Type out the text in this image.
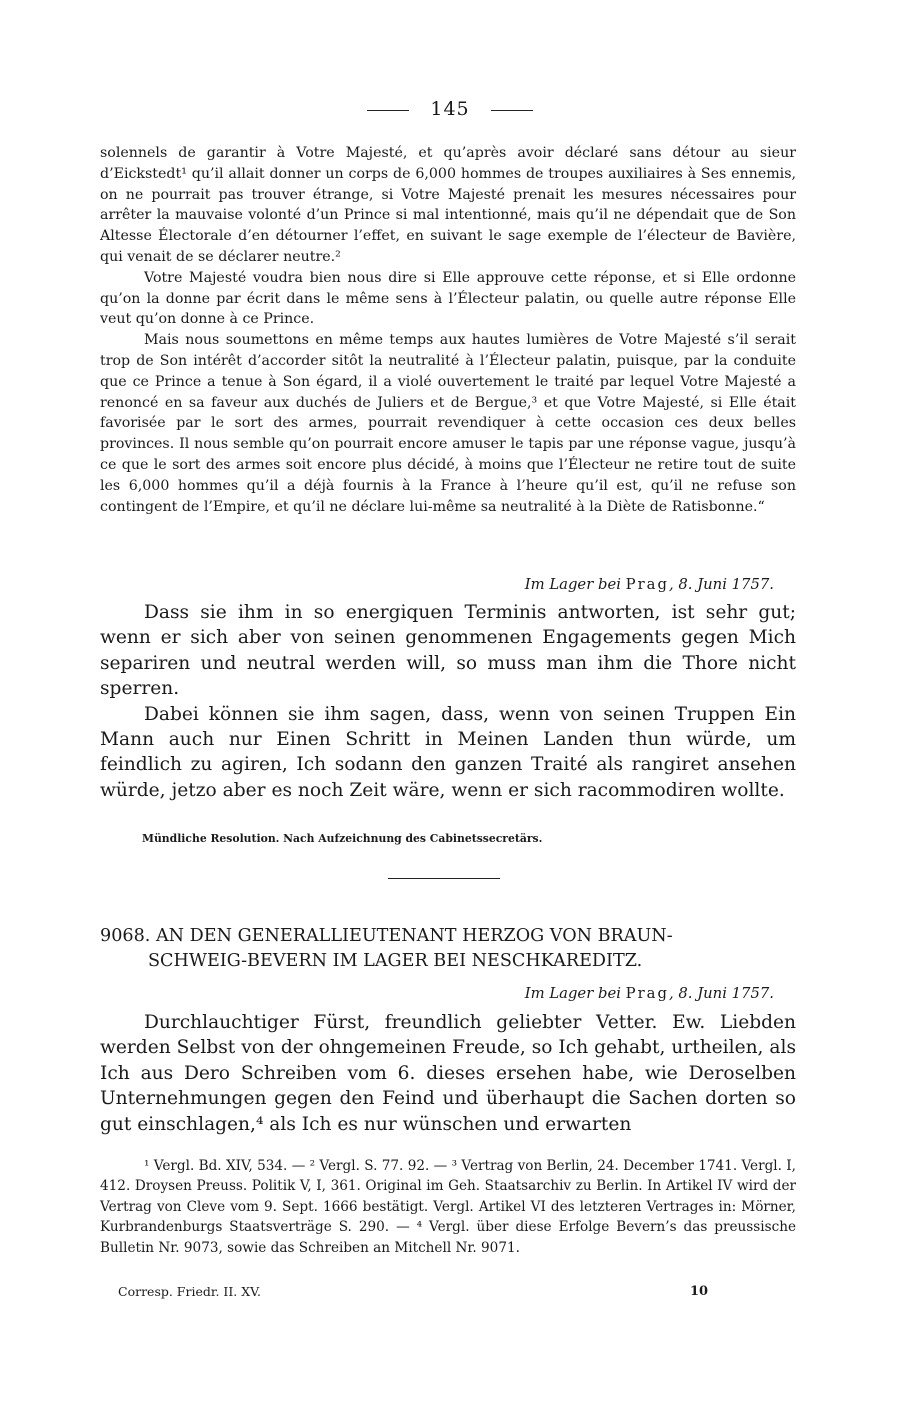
145

solennels de garantir à Votre Majesté, et qu’après avoir déclaré sans détour au sieur d’Eickstedt¹ qu’il allait donner un corps de 6,000 hommes de troupes auxiliaires à Ses ennemis, on ne pourrait pas trouver étrange, si Votre Majesté prenait les mesures nécessaires pour arrêter la mauvaise volonté d’un Prince si mal intentionné, mais qu’il ne dépendait que de Son Altesse Électorale d’en détourner l’effet, en suivant le sage exemple de l’électeur de Bavière, qui venait de se déclarer neutre.²

Votre Majesté voudra bien nous dire si Elle approuve cette réponse, et si Elle ordonne qu’on la donne par écrit dans le même sens à l’Électeur palatin, ou quelle autre réponse Elle veut qu’on donne à ce Prince.

Mais nous soumettons en même temps aux hautes lumières de Votre Majesté s’il serait trop de Son intérêt d’accorder sitôt la neutralité à l’Électeur palatin, puisque, par la conduite que ce Prince a tenue à Son égard, il a violé ouvertement le traité par lequel Votre Majesté a renoncé en sa faveur aux duchés de Juliers et de Bergue,³ et que Votre Majesté, si Elle était favorisée par le sort des armes, pourrait revendiquer à cette occasion ces deux belles provinces. Il nous semble qu’on pourrait encore amuser le tapis par une réponse vague, jusqu’à ce que le sort des armes soit encore plus décidé, à moins que l’Électeur ne retire tout de suite les 6,000 hommes qu’il a déjà fournis à la France à l’heure qu’il est, qu’il ne refuse son contingent de l’Empire, et qu’il ne déclare lui-même sa neutralité à la Diète de Ratisbonne.“

Im Lager bei Prag, 8. Juni 1757.

Dass sie ihm in so energiquen Terminis antworten, ist sehr gut; wenn er sich aber von seinen genommenen Engagements gegen Mich separiren und neutral werden will, so muss man ihm die Thore nicht sperren.

Dabei können sie ihm sagen, dass, wenn von seinen Truppen Ein Mann auch nur Einen Schritt in Meinen Landen thun würde, um feindlich zu agiren, Ich sodann den ganzen Traité als rangiret ansehen würde, jetzo aber es noch Zeit wäre, wenn er sich racommodiren wollte.

Mündliche Resolution. Nach Aufzeichnung des Cabinetssecretärs.
9068. AN DEN GENERALLIEUTENANT HERZOG VON BRAUN-
SCHWEIG-BEVERN IM LAGER BEI NESCHKAREDITZ.
Im Lager bei Prag, 8. Juni 1757.

Durchlauchtiger Fürst, freundlich geliebter Vetter. Ew. Liebden werden Selbst von der ohngemeinen Freude, so Ich gehabt, urtheilen, als Ich aus Dero Schreiben vom 6. dieses ersehen habe, wie Deroselben Unternehmungen gegen den Feind und überhaupt die Sachen dorten so gut einschlagen,⁴ als Ich es nur wünschen und erwarten

¹ Vergl. Bd. XIV, 534. — ² Vergl. S. 77. 92. — ³ Vertrag von Berlin, 24. December 1741. Vergl. I, 412. Droysen Preuss. Politik V, I, 361. Original im Geh. Staatsarchiv zu Berlin. In Artikel IV wird der Vertrag von Cleve vom 9. Sept. 1666 bestätigt. Vergl. Artikel VI des letzteren Vertrages in: Mörner, Kurbrandenburgs Staatsverträge S. 290. — ⁴ Vergl. über diese Erfolge Bevern’s das preussische Bulletin Nr. 9073, sowie das Schreiben an Mitchell Nr. 9071.

Corresp. Friedr. II. XV.	10
